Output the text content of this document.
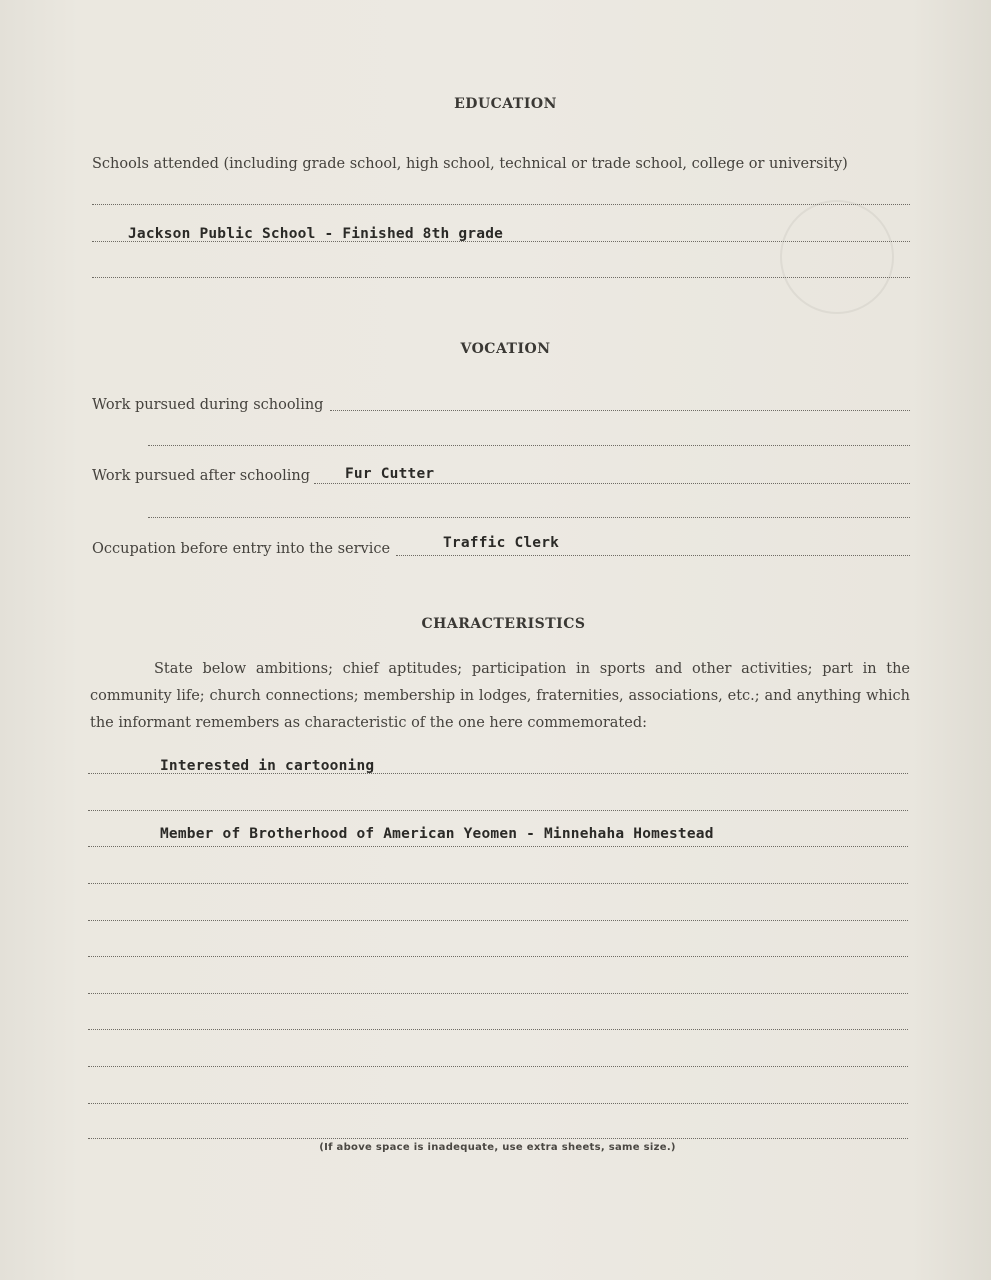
EDUCATION
Schools attended (including grade school, high school, technical or trade school, college or university)
Jackson Public School - Finished 8th grade
VOCATION
Work pursued during schooling
Work pursued after schooling Fur Cutter
Occupation before entry into the service	Traffic Clerk
CHARACTERISTICS
State below ambitions; chief aptitudes; participation in sports and other activities; part in the community life; church connections; membership in lodges, fraternities, associations, etc.; and anything which the informant remembers as characteristic of the one here commemorated:
Interested in cartooning
Member of Brotherhood of American Yeomen - Minnehaha Homestead
(If above space is inadequate, use extra sheets, same size.)
